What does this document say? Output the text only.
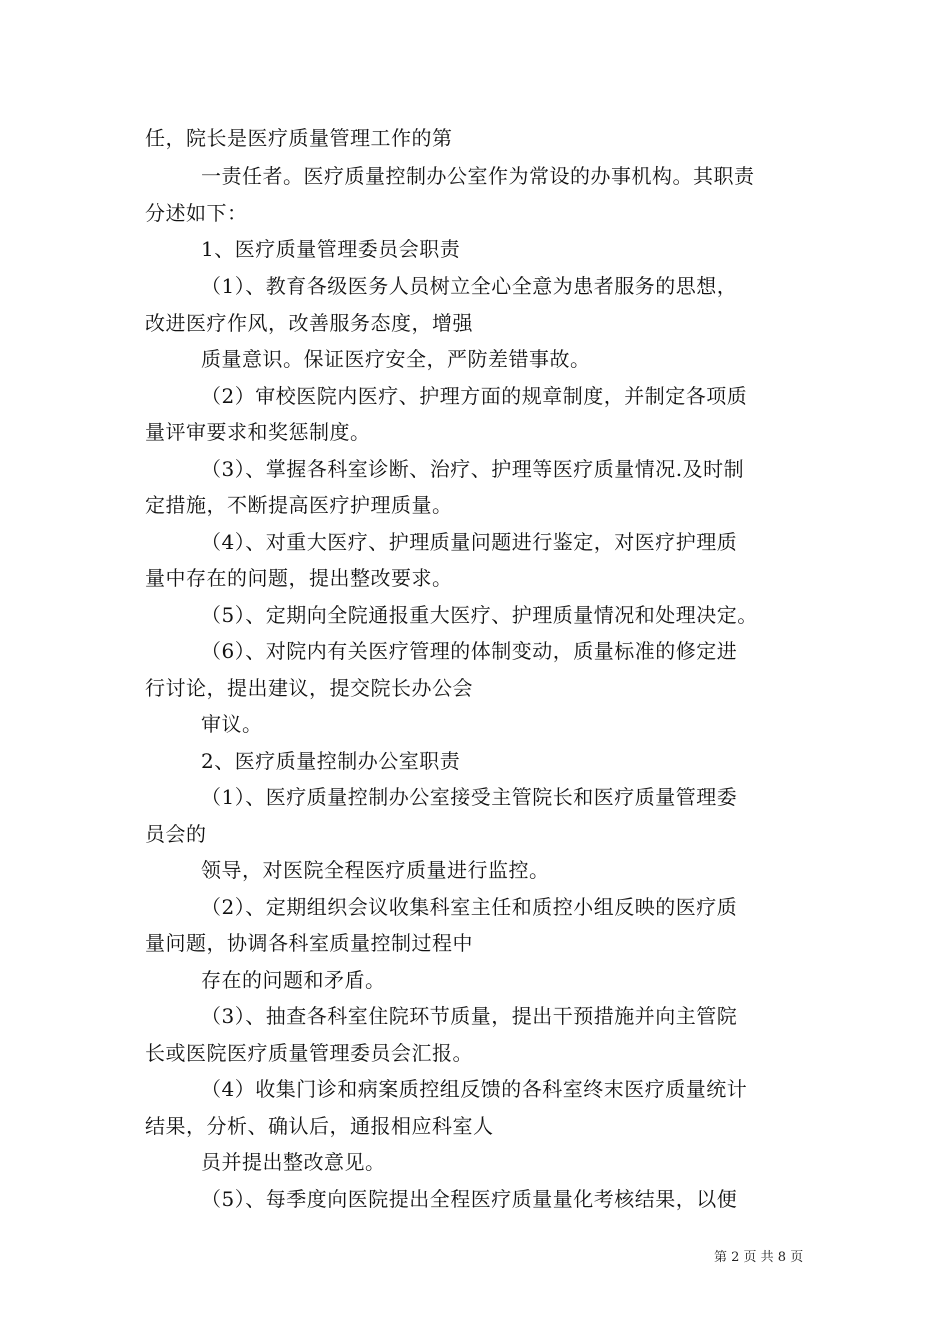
任，院长是医疗质量管理工作的第
一责任者。医疗质量控制办公室作为常设的办事机构。其职责
分述如下：
1、医疗质量管理委员会职责
（1）、教育各级医务人员树立全心全意为患者服务的思想，
改进医疗作风，改善服务态度，增强
质量意识。保证医疗安全，严防差错事故。
（2）审校医院内医疗、护理方面的规章制度，并制定各项质
量评审要求和奖惩制度。
（3）、掌握各科室诊断、治疗、护理等医疗质量情况.及时制
定措施，不断提高医疗护理质量。
（4）、对重大医疗、护理质量问题进行鉴定，对医疗护理质
量中存在的问题，提出整改要求。
（5）、定期向全院通报重大医疗、护理质量情况和处理决定。
（6）、对院内有关医疗管理的体制变动，质量标准的修定进
行讨论，提出建议，提交院长办公会
审议。
2、医疗质量控制办公室职责
（1）、医疗质量控制办公室接受主管院长和医疗质量管理委
员会的
领导，对医院全程医疗质量进行监控。
（2）、定期组织会议收集科室主任和质控小组反映的医疗质
量问题，协调各科室质量控制过程中
存在的问题和矛盾。
（3）、抽查各科室住院环节质量，提出干预措施并向主管院
长或医院医疗质量管理委员会汇报。
（4）收集门诊和病案质控组反馈的各科室终末医疗质量统计
结果，分析、确认后，通报相应科室人
员并提出整改意见。
（5）、每季度向医院提出全程医疗质量量化考核结果，以便
第 2 页 共 8 页
